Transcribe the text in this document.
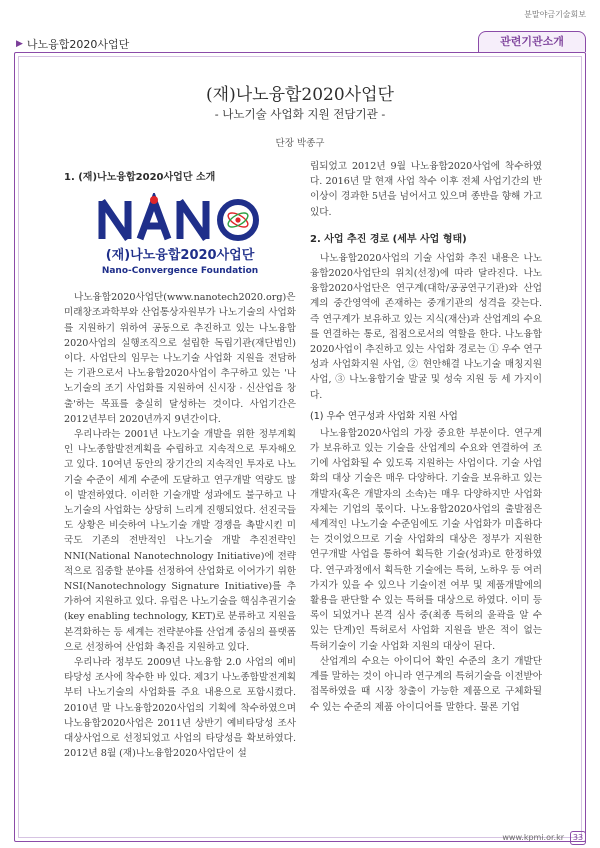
분말야금기술회보
▶ 나노융합2020사업단	관련기관소개
(재)나노융합2020사업단
- 나노기술 사업화 지원 전담기관 -
단장 박종구
1. (재)나노융합2020사업단 소개
(재)나노융합2020사업단
Nano-Convergence Foundation

나노융합2020사업단(www.nanotech2020.org)은 미래창조과학부와 산업통상자원부가 나노기술의 사업화를 지원하기 위하여 공동으로 추진하고 있는 나노융합2020사업의 실행조직으로 설립한 독립기관(재단법인)이다. 사업단의 임무는 나노기술 사업화 지원을 전담하는 기관으로서 나노융합2020사업이 추구하고 있는 '나노기술의 조기 사업화를 지원하여 신시장 · 신산업을 창출'하는 목표를 충실히 달성하는 것이다. 사업기간은 2012년부터 2020년까지 9년간이다.

우리나라는 2001년 나노기술 개발을 위한 정부계획인 나노종합발전계획을 수립하고 지속적으로 투자해오고 있다. 10여년 동안의 장기간의 지속적인 투자로 나노기술 수준이 세계 수준에 도달하고 연구개발 역량도 많이 발전하였다. 이러한 기술개발 성과에도 불구하고 나노기술의 사업화는 상당히 느리게 진행되었다. 선진국들도 상황은 비슷하여 나노기술 개발 경쟁을 촉발시킨 미국도 기존의 전반적인 나노기술 개발 추진전략인 NNI(National Nanotechnology Initiative)에 전략적으로 집중할 분야를 선정하여 산업화로 이어가기 위한 NSI(Nanotechnology Signature Initiative)를 추가하여 지원하고 있다. 유럽은 나노기술을 핵심추권기술(key enabling technology, KET)로 분류하고 지원을 본격화하는 등 세계는 전략분야를 산업계 중심의 플랫폼으로 선정하여 산업화 촉진을 지원하고 있다.

우리나라 정부도 2009년 나노융합 2.0 사업의 예비타당성 조사에 착수한 바 있다. 제3기 나노종합발전계획부터 나노기술의 사업화를 주요 내용으로 포함시켰다. 2010년 말 나노융합2020사업의 기획에 착수하였으며 나노융합2020사업은 2011년 상반기 예비타당성 조사 대상사업으로 선정되었고 사업의 타당성을 확보하였다. 2012년 8월 (재)나노융합2020사업단이 설

립되었고 2012년 9월 나노융합2020사업에 착수하였다. 2016년 말 현재 사업 착수 이후 전체 사업기간의 반 이상이 경과한 5년을 넘어서고 있으며 종반을 향해 가고 있다.

2. 사업 추진 경로 (세부 사업 형태)

나노융합2020사업의 기술 사업화 추진 내용은 나노융합2020사업단의 위치(선정)에 따라 달라진다. 나노융합2020사업단은 연구계(대학/공공연구기관)와 산업계의 중간영역에 존재하는 중개기관의 성격을 갖는다. 즉 연구계가 보유하고 있는 지식(재산)과 산업계의 수요를 연결하는 통로, 접점으로서의 역할을 한다. 나노융합2020사업이 추진하고 있는 사업화 경로는 ① 우수 연구성과 사업화지원 사업, ② 현안해결 나노기술 매칭지원 사업, ③ 나노융합기술 발굴 및 성숙 지원 등 세 가지이다.

(1) 우수 연구성과 사업화 지원 사업

나노융합2020사업의 가장 중요한 부분이다. 연구계가 보유하고 있는 기술을 산업계의 수요와 연결하여 조기에 사업화될 수 있도록 지원하는 사업이다. 기술 사업화의 대상 기술은 매우 다양하다. 기술을 보유하고 있는 개발자(혹은 개발자의 소속)는 매우 다양하지만 사업화 자체는 기업의 몫이다. 나노융합2020사업의 출발점은 세계적인 나노기술 수준임에도 기술 사업화가 미흡하다는 것이었으므로 기술 사업화의 대상은 정부가 지원한 연구개발 사업을 통하여 획득한 기술(성과)로 한정하였다. 연구과정에서 획득한 기술에는 특허, 노하우 등 여러 가지가 있을 수 있으나 기술이전 여부 및 제품개발에의 활용을 판단할 수 있는 특허를 대상으로 하였다. 이미 등록이 되었거나 본격 심사 중(최종 특허의 윤곽을 알 수 있는 단계)인 특허로서 사업화 지원을 받은 적이 없는 특허기술이 기술 사업화 지원의 대상이 된다.

산업계의 수요는 아이디어 확인 수준의 초기 개발단계를 말하는 것이 아니라 연구계의 특허기술을 이전받아 접목하였을 때 시장 창출이 가능한 제품으로 구체화될 수 있는 수준의 제품 아이디어를 말한다. 물론 기업

www.kpmi.or.kr	33
